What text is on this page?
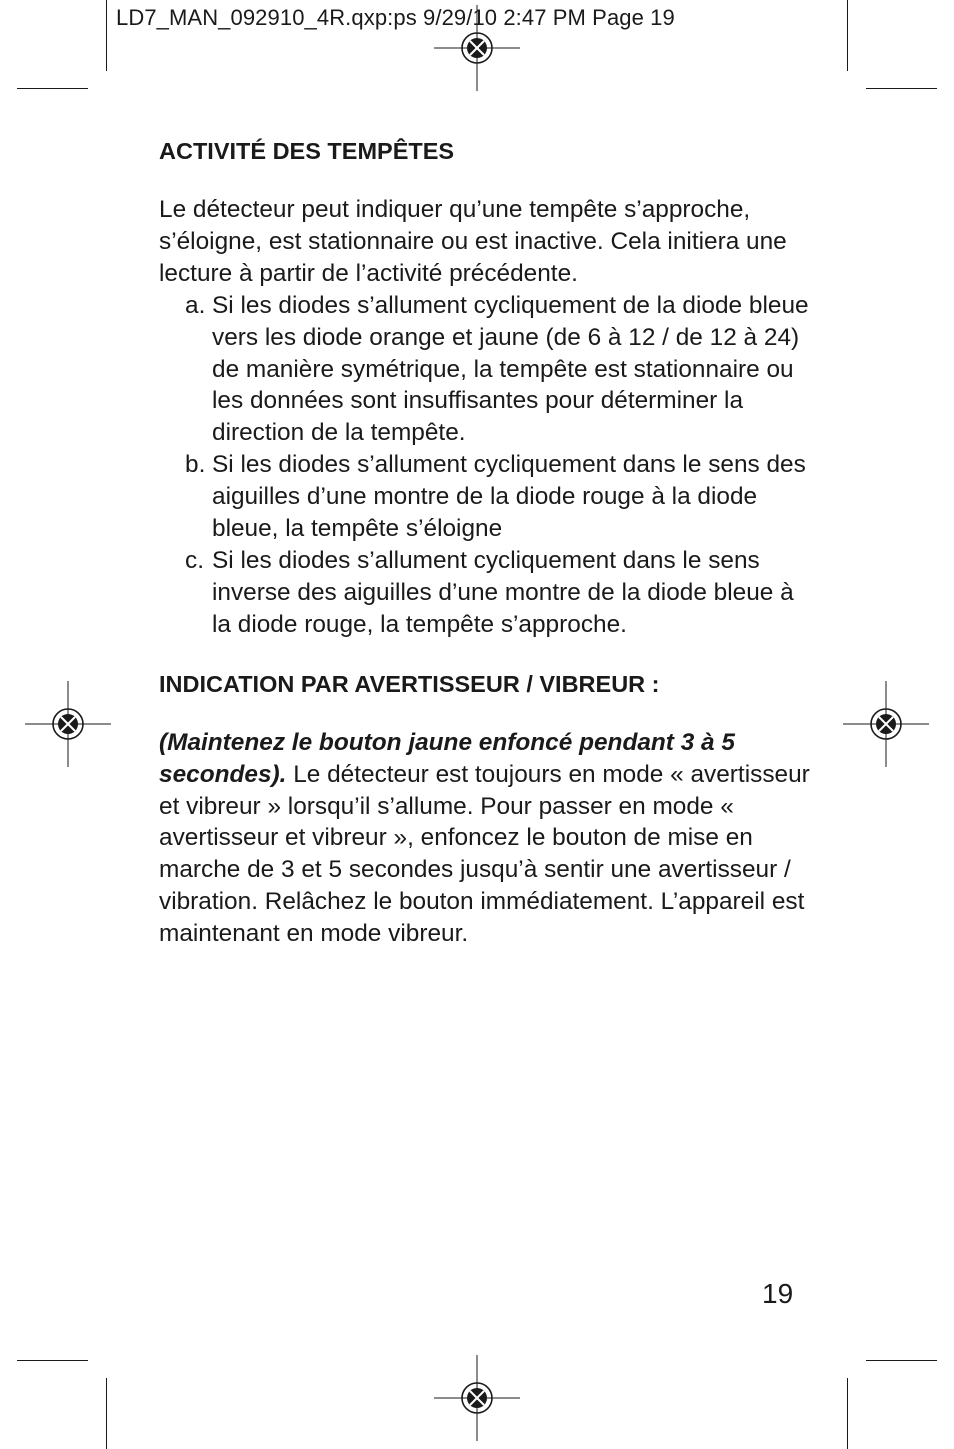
LD7_MAN_092910_4R.qxp:ps 9/29/10 2:47 PM Page 19
ACTIVITÉ DES TEMPÊTES

Le détecteur peut indiquer qu’une tempête s’approche, s’éloigne, est stationnaire ou est inactive. Cela initiera une lecture à partir de l’activité précédente.

a. Si les diodes s’allument cycliquement de la diode bleue vers les diode orange et jaune (de 6 à 12 / de 12 à 24) de manière symétrique, la tempête est stationnaire ou les données sont insuffisantes pour déterminer la direction de la tempête.
b. Si les diodes s’allument cycliquement dans le sens des aiguilles d’une montre de la diode rouge à la diode bleue, la tempête s’éloigne
c. Si les diodes s’allument cycliquement dans le sens inverse des aiguilles d’une montre de la diode bleue à la diode rouge, la tempête s’approche.
INDICATION PAR AVERTISSEUR / VIBREUR :

(Maintenez le bouton jaune enfoncé pendant 3 à 5 secondes). Le détecteur est toujours en mode « avertisseur et vibreur » lorsqu’il s’allume. Pour passer en mode « avertisseur et vibreur », enfoncez le bouton de mise en marche de 3 et 5 secondes jusqu’à sentir une avertisseur / vibration. Relâchez le bouton immédiatement. L’appareil est maintenant en mode vibreur.

19
